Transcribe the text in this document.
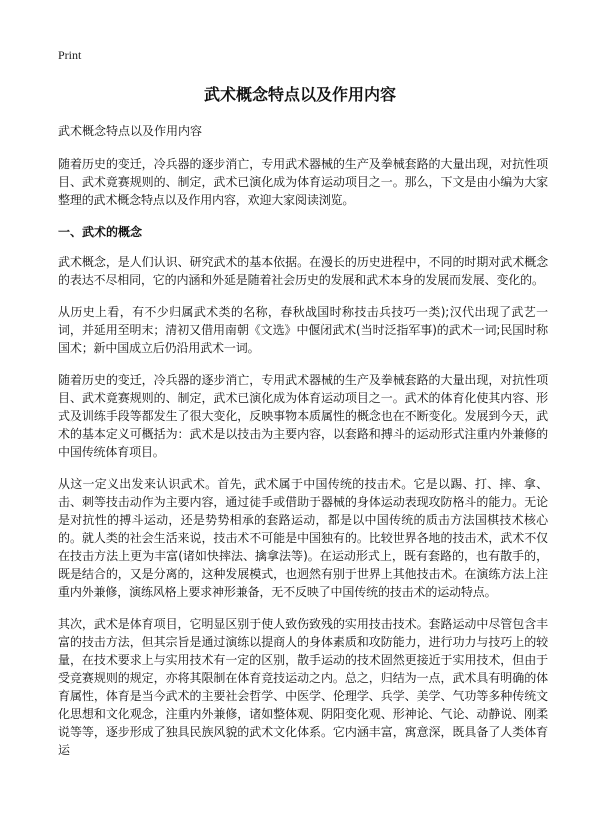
Print
武术概念特点以及作用内容

武术概念特点以及作用内容

随着历史的变迁，冷兵器的逐步消亡，专用武术器械的生产及拳械套路的大量出现，对抗性项目、武术竟赛规则的、制定，武术已演化成为体育运动项目之一。那么，下文是由小编为大家整理的武术概念特点以及作用内容，欢迎大家阅读浏览。

一、武术的概念

武术概念，是人们认识、研究武术的基本依据。在漫长的历史进程中，不同的时期对武术概念的表达不尽相同，它的内涵和外延是随着社会历史的发展和武术本身的发展而发展、变化的。

从历史上看，有不少归属武术类的名称，春秋战国时称技击兵技巧一类);汉代出现了武艺一词，并延用至明末；清初又借用南朝《文选》中偃闭武术(当时泛指军事)的武术一词;民国时称国术；新中国成立后仍沿用武术一词。

随着历史的变迁，冷兵器的逐步消亡，专用武术器械的生产及拳械套路的大量出现，对抗性项目、武术竟赛规则的、制定，武术已演化成为体育运动项目之一。武术的体育化使其内容、形式及训练手段等都发生了很大变化，反映事物本质属性的概念也在不断变化。发展到今天，武术的基本定义可概括为：武术是以技击为主要内容，以套路和搏斗的运动形式注重内外兼修的中国传统体育项目。

从这一定义出发来认识武术。首先，武术属于中国传统的技击术。它是以踢、打、摔、拿、击、刺等技击动作为主要内容，通过徒手或借助于器械的身体运动表现攻防格斗的能力。无论是对抗性的搏斗运动，还是势势相承的套路运动，都是以中国传统的质击方法国棋技术核心的。就人类的社会生活来说，技击术不可能是中国独有的。比较世界各地的技击术，武术不仅在技击方法上更为丰富(诸如快摔法、擒拿法等)。在运动形式上，既有套路的，也有散手的，既是结合的，又是分离的，这种发展模式，也迥然有别于世界上其他技击术。在演练方法上注重内外兼修，演练风格上要求神形兼备，无不反映了中国传统的技击术的运动特点。

其次，武术是体育项目，它明显区别于使人致伤致残的实用技击技术。套路运动中尽管包含丰富的技击方法，但其宗旨是通过演练以提商人的身体素质和攻防能力，进行功力与技巧上的较量，在技术要求上与实用技术有一定的区别，散手运动的技术固然更接近于实用技术，但由于受竞赛规则的规定，亦将其限制在体育竞技运动之内。总之，归结为一点，武术具有明确的体育属性，体育是当今武术的主要社会哲学、中医学、伦理学、兵学、美学、气功等多种传统文化思想和文化观念，注重内外兼修，诸如整体观、阴阳变化观、形神论、气论、动静说、刚柔说等等，逐步形成了独具民族风貌的武术文化体系。它内涵丰富，寓意深，既具备了人类体育运
